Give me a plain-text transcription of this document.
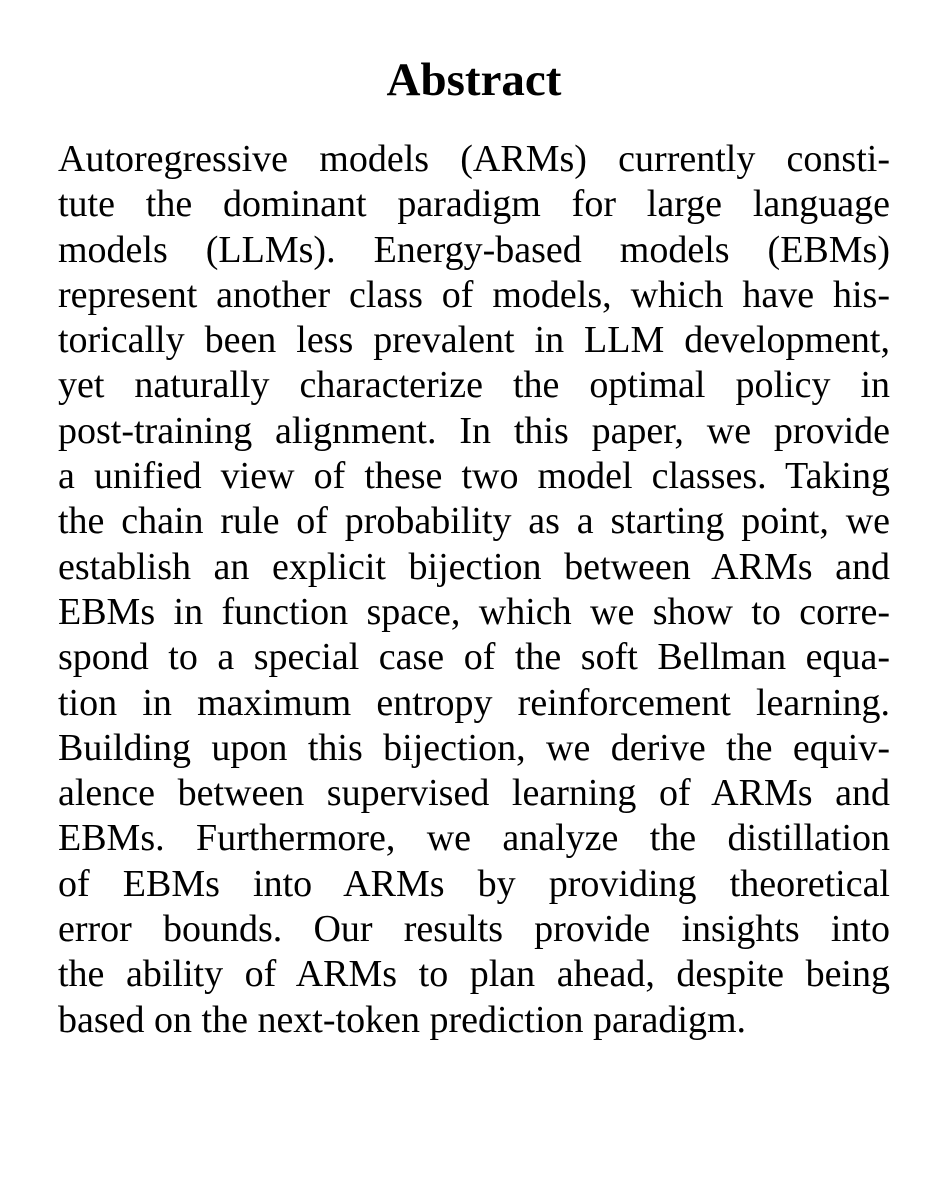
Abstract
Autoregressive models (ARMs) currently consti-
tute the dominant paradigm for large language
models (LLMs). Energy-based models (EBMs)
represent another class of models, which have his-
torically been less prevalent in LLM development,
yet naturally characterize the optimal policy in
post-training alignment. In this paper, we provide
a unified view of these two model classes. Taking
the chain rule of probability as a starting point, we
establish an explicit bijection between ARMs and
EBMs in function space, which we show to corre-
spond to a special case of the soft Bellman equa-
tion in maximum entropy reinforcement learning.
Building upon this bijection, we derive the equiv-
alence between supervised learning of ARMs and
EBMs. Furthermore, we analyze the distillation
of EBMs into ARMs by providing theoretical
error bounds. Our results provide insights into
the ability of ARMs to plan ahead, despite being
based on the next-token prediction paradigm.
